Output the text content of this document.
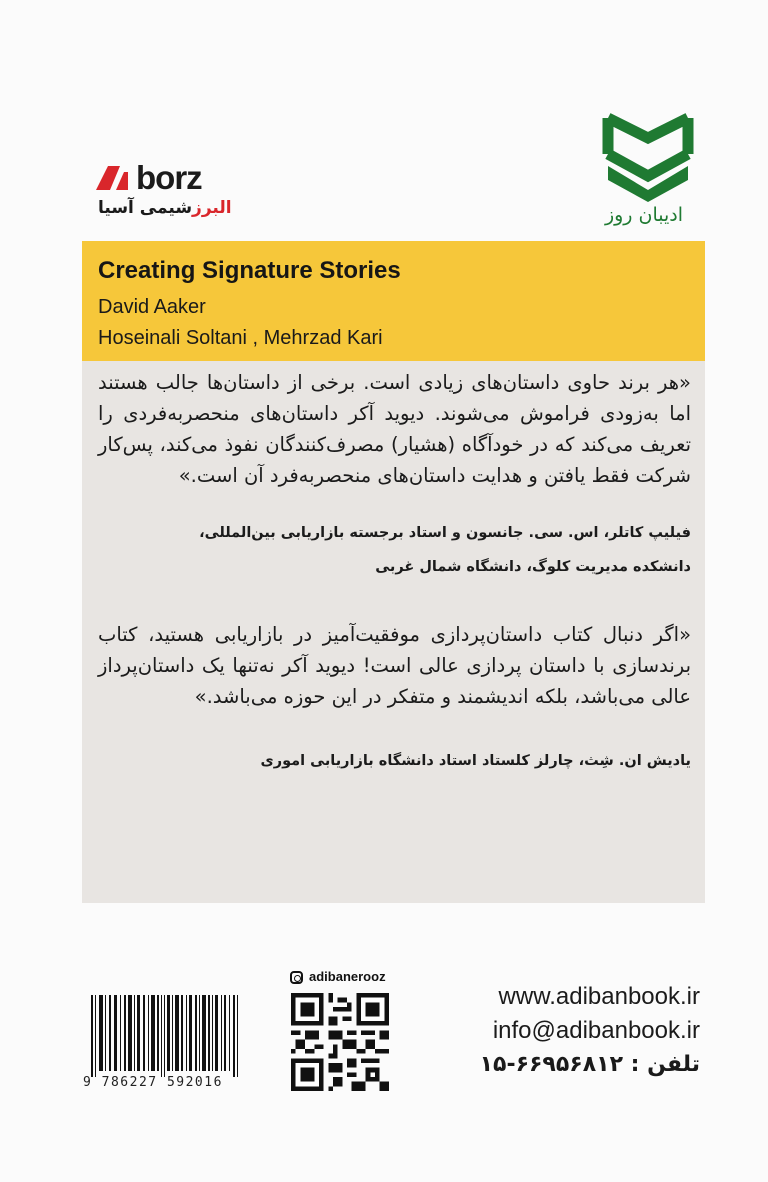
borz
البرزشیمی آسیا	ادیبان روز
Creating Signature Stories
David Aaker
Hoseinali Soltani , Mehrzad Kari

«هر برند حاوی داستان‌های زیادی است. برخی از داستان‌ها جالب هستند اما به‌زودی فراموش می‌شوند. دیوید آکر داستان‌های منحصربه‌فردی را تعریف می‌کند که در خودآگاه (هشیار) مصرف‌کنندگان نفوذ می‌کند، پس‌کار شرکت فقط یافتن و هدایت داستان‌های منحصربه‌فرد آن است.»

فیلیپ کاتلر، اس. سی. جانسون و استاد برجسته بازاریابی بین‌المللی،
دانشکده مدیریت کلوگ، دانشگاه شمال غربی

«اگر دنبال کتاب داستان‌پردازی موفقیت‌آمیز در بازاریابی هستید، کتاب برندسازی با داستان پردازی عالی است! دیوید آکر نه‌تنها یک داستان‌پرداز عالی می‌باشد، بلکه اندیشمند و متفکر در این حوزه می‌باشد.»

یادیش ان. شِث، چارلز کلستاد استاد دانشگاه بازاریابی اموری
9 786227 592016
adibanerooz
www.adibanbook.ir
info@adibanbook.ir
تلفن : ۶۶۹۵۶۸۱۲-۱۵
